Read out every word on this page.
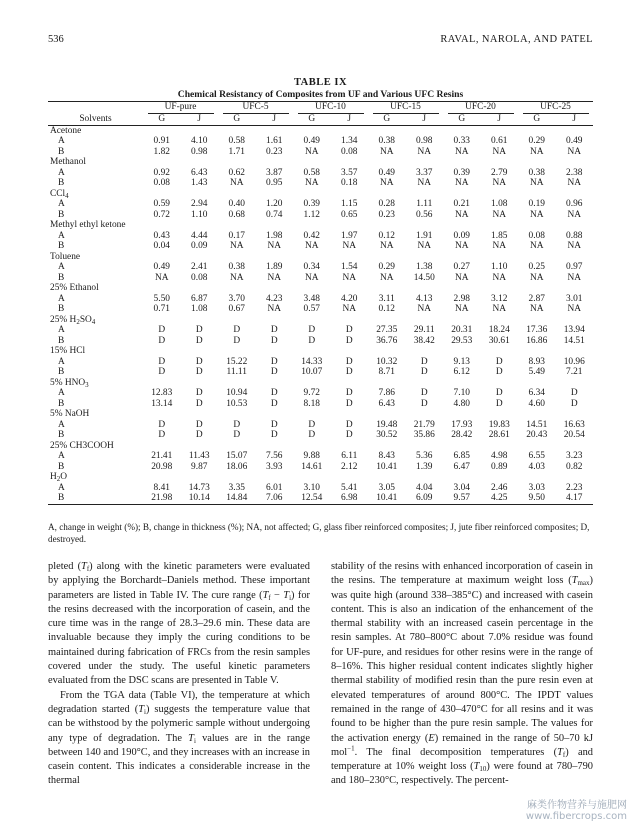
536	RAVAL, NAROLA, AND PATEL
TABLE IX
Chemical Resistancy of Composites from UF and Various UFC Resins
	UF-pure		UFC-5		UFC-10		UFC-15		UFC-20		UFC-25	
Solvents	G	J	G	J	G	J	G	J	G	J	G	J
Acetone												
A	0.91	4.10	0.58	1.61	0.49	1.34	0.38	0.98	0.33	0.61	0.29	0.49
B	1.82	0.98	1.71	0.23	NA	0.08	NA	NA	NA	NA	NA	NA
Methanol												
A	0.92	6.43	0.62	3.87	0.58	3.57	0.49	3.37	0.39	2.79	0.38	2.38
B	0.08	1.43	NA	0.95	NA	0.18	NA	NA	NA	NA	NA	NA
CCl$_4$
A	0.59	2.94	0.40	1.20	0.39	1.15	0.28	1.11	0.21	1.08	0.19	0.96
B	0.72	1.10	0.68	0.74	1.12	0.65	0.23	0.56	NA	NA	NA	NA
Methyl ethyl ketone												
A	0.43	4.44	0.17	1.98	0.42	1.97	0.12	1.91	0.09	1.85	0.08	0.88
B	0.04	0.09	NA	NA	NA	NA	NA	NA	NA	NA	NA	NA
Toluene												
A	0.49	2.41	0.38	1.89	0.34	1.54	0.29	1.38	0.27	1.10	0.25	0.97
B	NA	0.08	NA	NA	NA	NA	NA	14.50	NA	NA	NA	NA
25% Ethanol												
A	5.50	6.87	3.70	4.23	3.48	4.20	3.11	4.13	2.98	3.12	2.87	3.01
B	0.71	1.08	0.67	NA	0.57	NA	0.12	NA	NA	NA	NA	NA
25% $H_2SO_4$
A	D	D	D	D	D	D	27.35	29.11	20.31	18.24	17.36	13.94
B	D	D	D	D	D	D	36.76	38.42	29.53	30.61	16.86	14.51
15% HCl												
A	D	D	15.22	D	14.33	D	10.32	D	9.13	D	8.93	10.96
B	D	D	11.11	D	10.07	D	8.71	D	6.12	D	5.49	7.21
5% $HNO_3$
A	12.83	D	10.94	D	9.72	D	7.86	D	7.10	D	6.34	D
B	13.14	D	10.53	D	8.18	D	6.43	D	4.80	D	4.60	D
5% NaOH												
A	D	D	D	D	D	D	19.48	21.79	17.93	19.83	14.51	16.63
B	D	D	D	D	D	D	30.52	35.86	28.42	28.61	20.43	20.54
25% CH3COOH												
A	21.41	11.43	15.07	7.56	9.88	6.11	8.43	5.36	6.85	4.98	6.55	3.23
B	20.98	9.87	18.06	3.93	14.61	2.12	10.41	1.39	6.47	0.89	4.03	0.82
$H_2O$												
A	8.41	14.73	3.35	6.01	3.10	5.41	3.05	4.04	3.04	2.46	3.03	2.23
B	21.98	10.14	14.84	7.06	12.54	6.98	10.41	6.09	9.57	4.25	9.50	4.17
A, change in weight (%); B, change in thickness (%); NA, not affected; G, glass fiber reinforced composites; J, jute fiber reinforced composites; D, destroyed.

pleted $(T_f)$ along with the kinetic parameters were evaluated by applying the Borchardt–Daniels method. These important parameters are listed in Table IV. The cure range $(T_f - T_i)$ for the resins decreased with the incorporation of casein, and the cure time was in the range of 28.3–29.6 min. These data are invaluable because they imply the curing conditions to be maintained during fabrication of FRCs from the resin samples covered under the study. The useful kinetic parameters evaluated from the DSC scans are presented in Table V.
From the TGA data (Table VI), the temperature at which degradation started $(T_i)$ suggests the temperature value that can be withstood by the polymeric sample without undergoing any type of degradation. The $T_i$ values are in the range between 140 and 190°C, and they increases with an increase in casein content. This indicates a considerable increase in the thermal

stability of the resins with enhanced incorporation of casein in the resins. The temperature at maximum weight loss $(T_{max})$ was quite high (around 338–385°C) and increased with casein content. This is also an indication of the enhancement of the thermal stability with an increased casein percentage in the resin samples. At 780–800°C about 7.0% residue was found for UF-pure, and residues for other resins were in the range of 8–16%. This higher residual content indicates slightly higher thermal stability of modified resin than the pure resin even at elevated temperatures of around 800°C. The IPDT values remained in the range of 430–470°C for all resins and it was found to be higher than the pure resin sample. The values for the activation energy (E) remained in the range of 50–70 kJ mol$^{-1}$. The final decomposition temperatures $(T_f)$ and temperature at 10% weight loss $(T_{10})$ were found at 780–790 and 180–230°C, respectively. The percent-

麻类作物营养与施肥网
www.fibercrops.com
